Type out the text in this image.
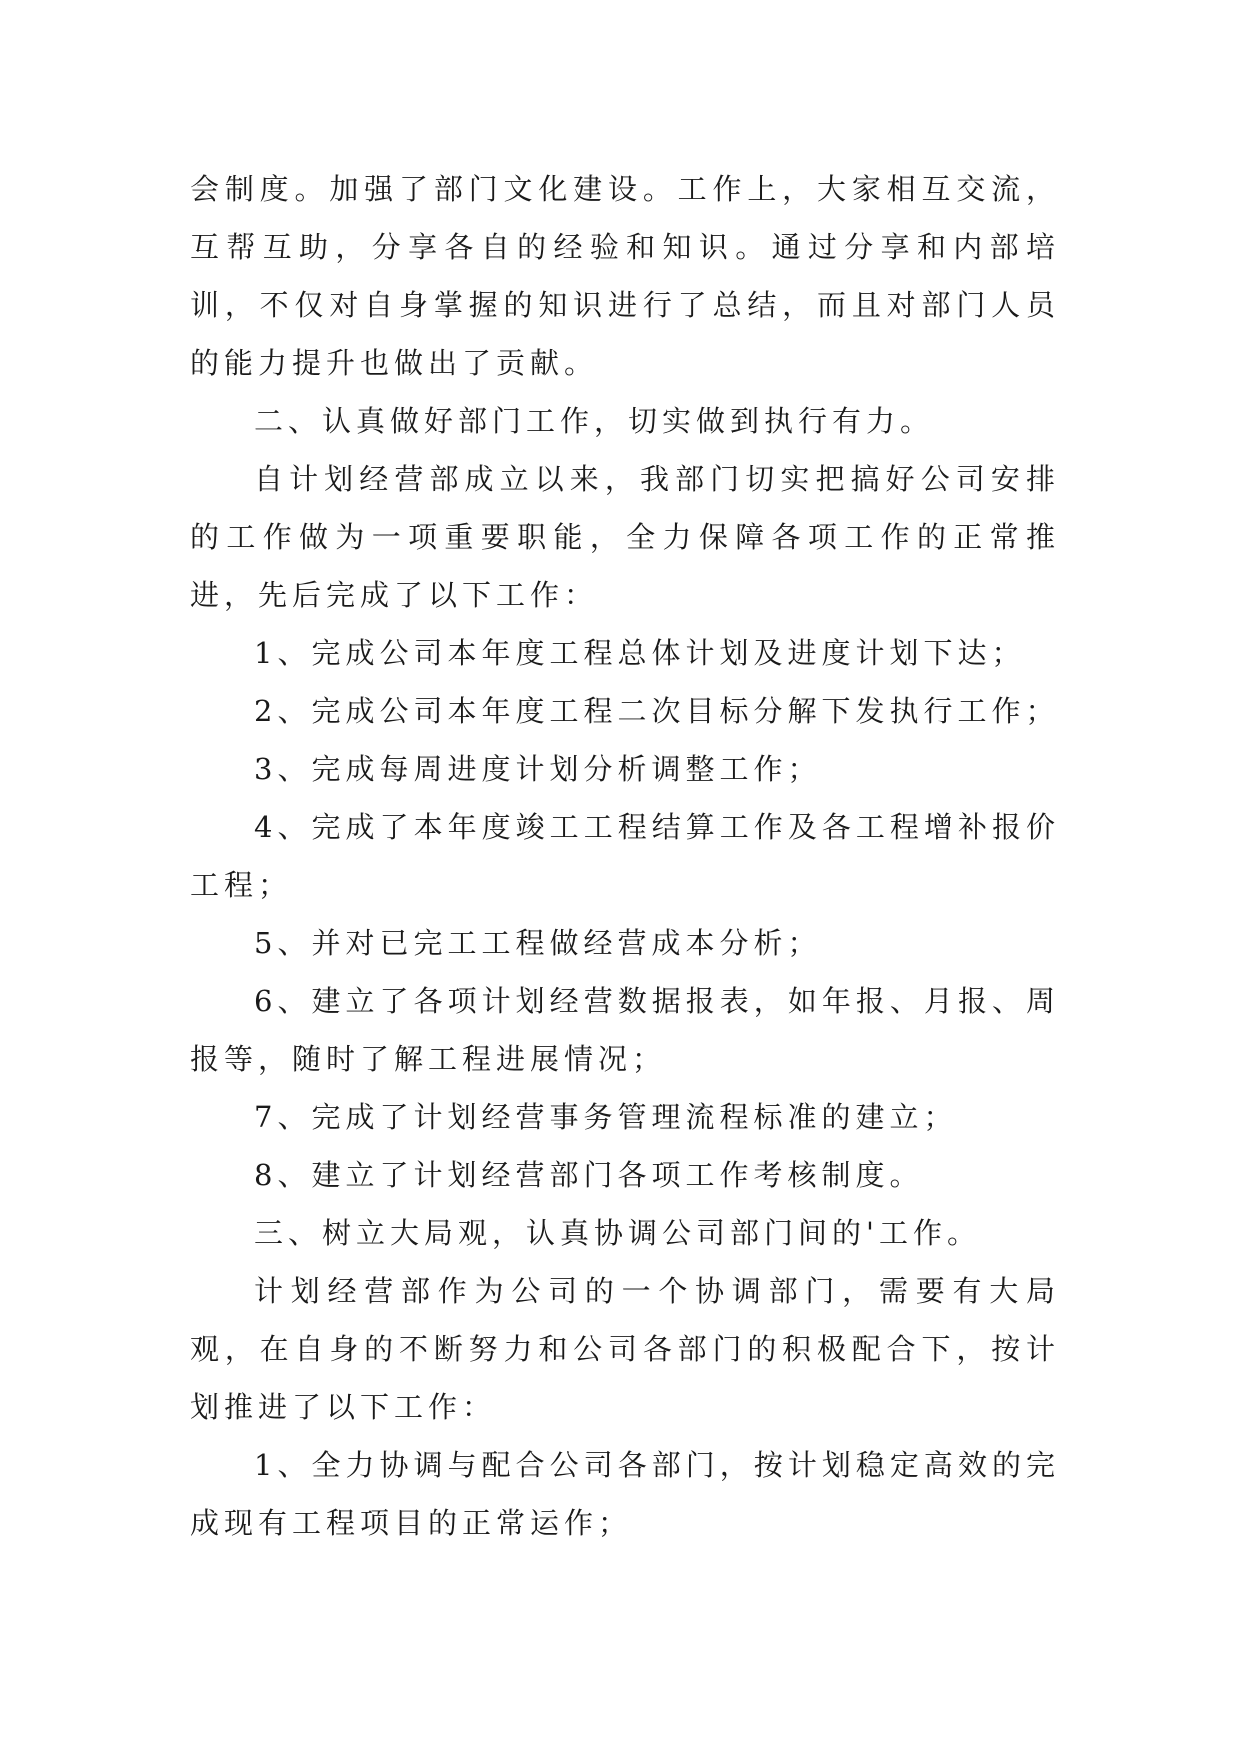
会制度。加强了部门文化建设。工作上，大家相互交流，互帮互助，分享各自的经验和知识。通过分享和内部培训，不仅对自身掌握的知识进行了总结，而且对部门人员的能力提升也做出了贡献。

二、认真做好部门工作，切实做到执行有力。

自计划经营部成立以来，我部门切实把搞好公司安排的工作做为一项重要职能，全力保障各项工作的正常推进，先后完成了以下工作：

1、完成公司本年度工程总体计划及进度计划下达；

2、完成公司本年度工程二次目标分解下发执行工作；

3、完成每周进度计划分析调整工作；

4、完成了本年度竣工工程结算工作及各工程增补报价工程；

5、并对已完工工程做经营成本分析；

6、建立了各项计划经营数据报表，如年报、月报、周报等，随时了解工程进展情况；

7、完成了计划经营事务管理流程标准的建立；

8、建立了计划经营部门各项工作考核制度。

三、树立大局观，认真协调公司部门间的'工作。

计划经营部作为公司的一个协调部门，需要有大局观，在自身的不断努力和公司各部门的积极配合下，按计划推进了以下工作：

1、全力协调与配合公司各部门，按计划稳定高效的完成现有工程项目的正常运作；
